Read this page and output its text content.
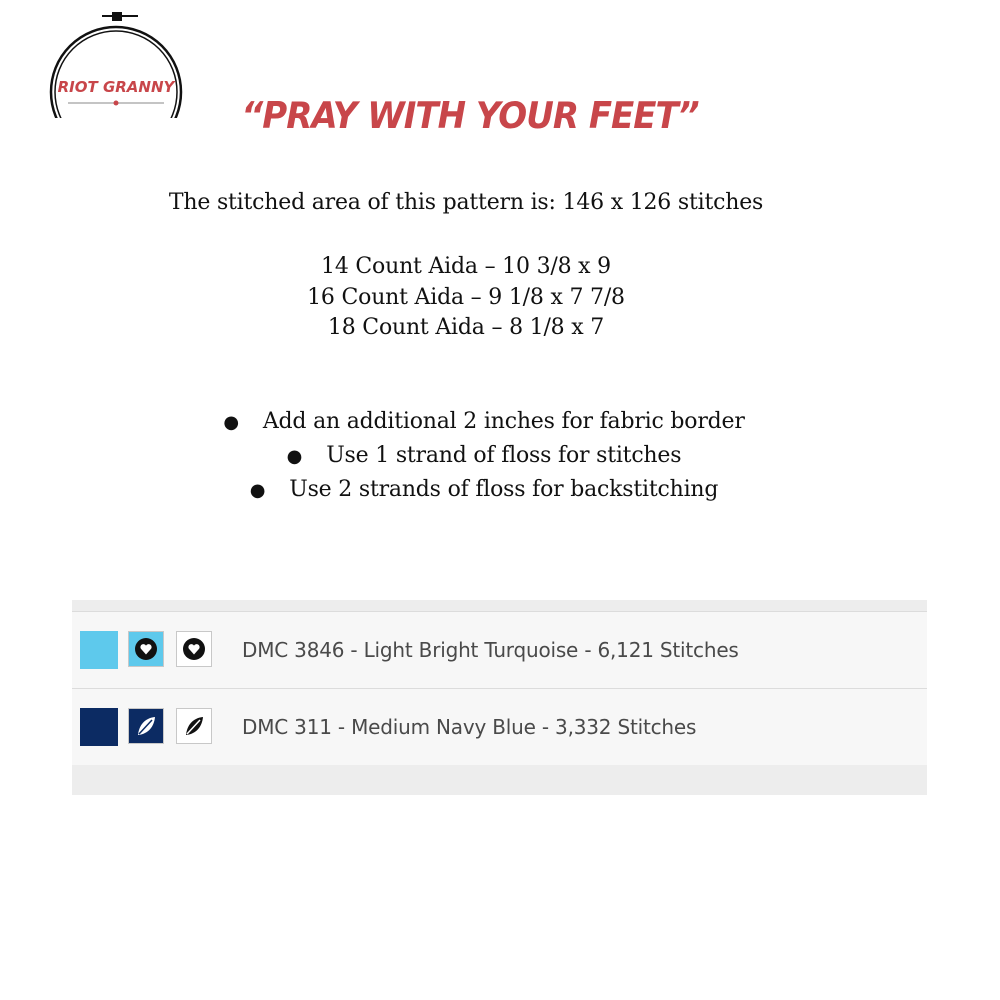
RIOT GRANNY
“PRAY WITH YOUR FEET”
The stitched area of this pattern is: 146 x 126 stitches
14 Count Aida – 10 3/8 x 9
16 Count Aida – 9 1/8 x 7 7/8
18 Count Aida – 8 1/8 x 7
● Add an additional 2 inches for fabric border
● Use 1 strand of floss for stitches
● Use 2 strands of floss for backstitching
DMC 3846 - Light Bright Turquoise - 6,121 Stitches
DMC 311 - Medium Navy Blue - 3,332 Stitches
